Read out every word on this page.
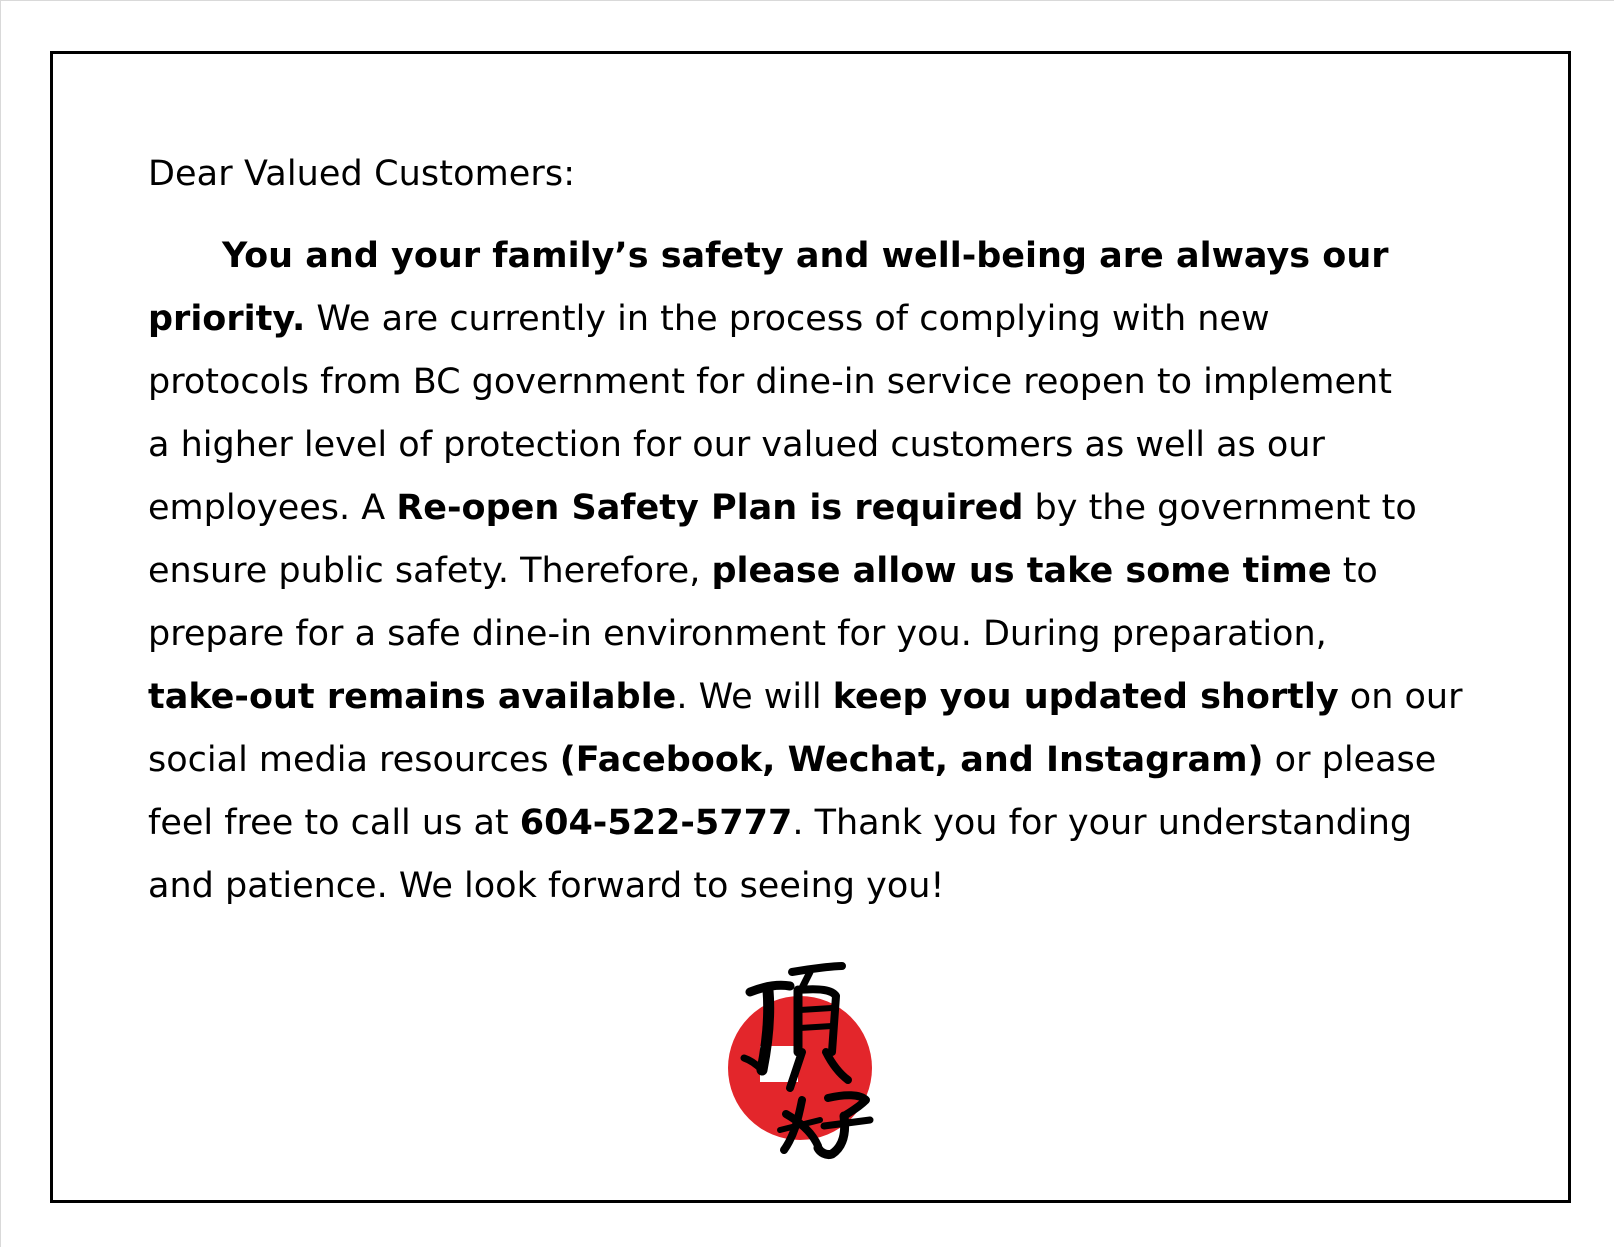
Dear Valued Customers:
You and your family’s safety and well-being are always our
priority. We are currently in the process of complying with new
protocols from BC government for dine-in service reopen to implement
a higher level of protection for our valued customers as well as our
employees. A Re-open Safety Plan is required by the government to
ensure public safety. Therefore, please allow us take some time to
prepare for a safe dine-in environment for you. During preparation,
take-out remains available. We will keep you updated shortly on our
social media resources (Facebook, Wechat, and Instagram) or please
feel free to call us at 604-522-5777. Thank you for your understanding
and patience. We look forward to seeing you!
